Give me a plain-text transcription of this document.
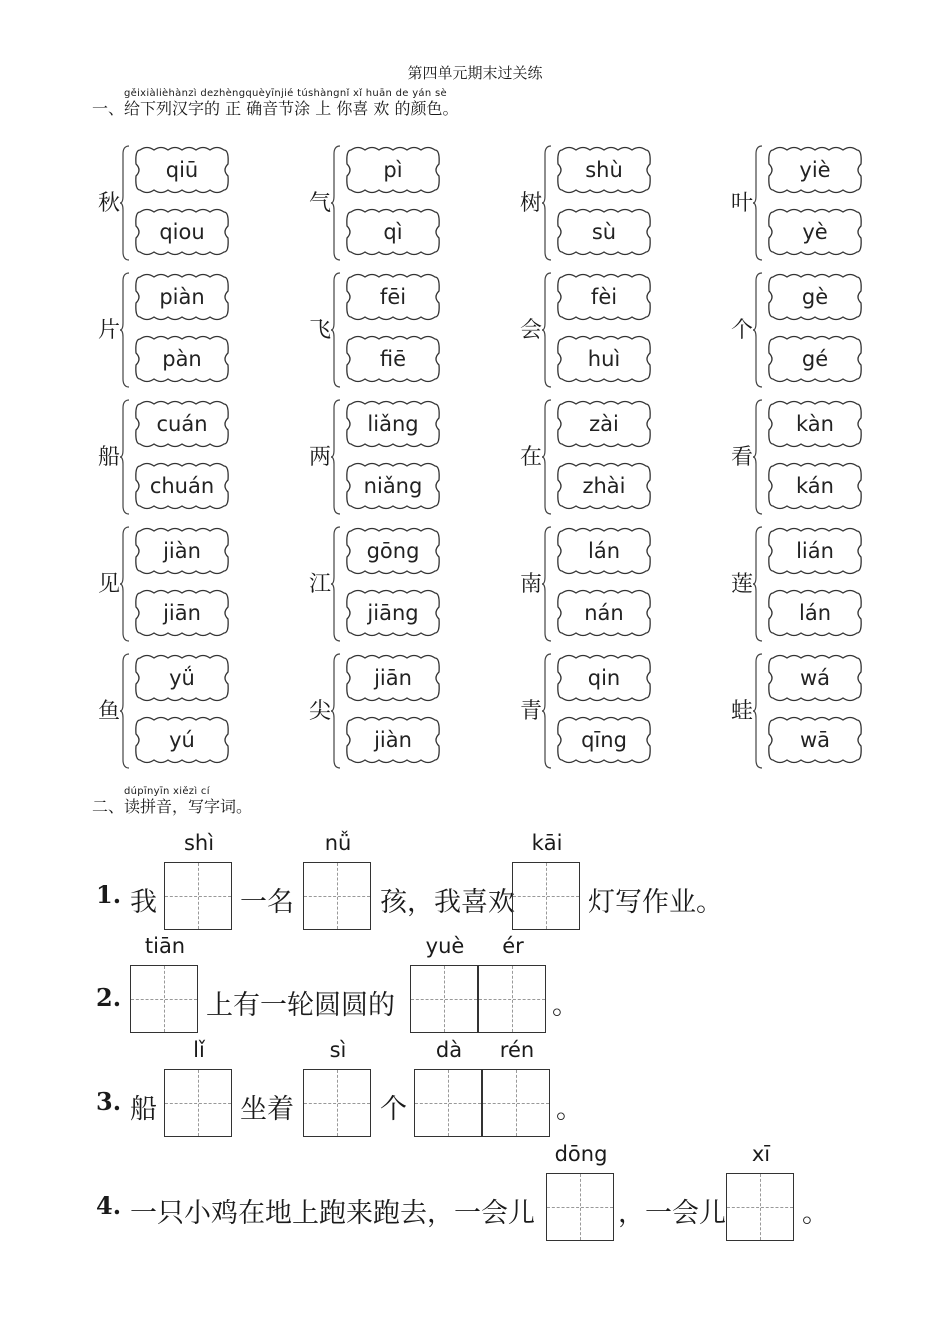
第四单元期末过关练
gěixiàlièhànzì dezhèngquèyīnjié túshàngnǐ xǐ huān de yán sè
一、给下列汉字的 正 确音节涂 上 你喜 欢 的颜色。
秋
qiū
qiou
气
pì
qì
树
shù
sù
叶
yiè
yè
片
piàn
pàn
飞
fēi
fiē
会
fèi
huì
个
gè
gé
船
cuán
chuán
两
liǎng
niǎng
在
zài
zhài
看
kàn
kán
见
jiàn
jiān
江
gōng
jiāng
南
lán
nán
莲
lián
lán
鱼
yǘ
yú
尖
jiān
jiàn
青
qin
qīng
蛙
wá
wā
dúpīnyīn xiězì cí
二、读拼音，写字词。
1. 我
shì
一名
nǚ
孩，我喜欢
kāi
灯写作业。
2.
tiān
上有一轮圆圆的
yuè	ér
。
3. 船
lǐ
坐着
sì
个
dà	rén
。
4. 一只小鸡在地上跑来跑去，一会儿
dōng
，一会儿
xī
。
